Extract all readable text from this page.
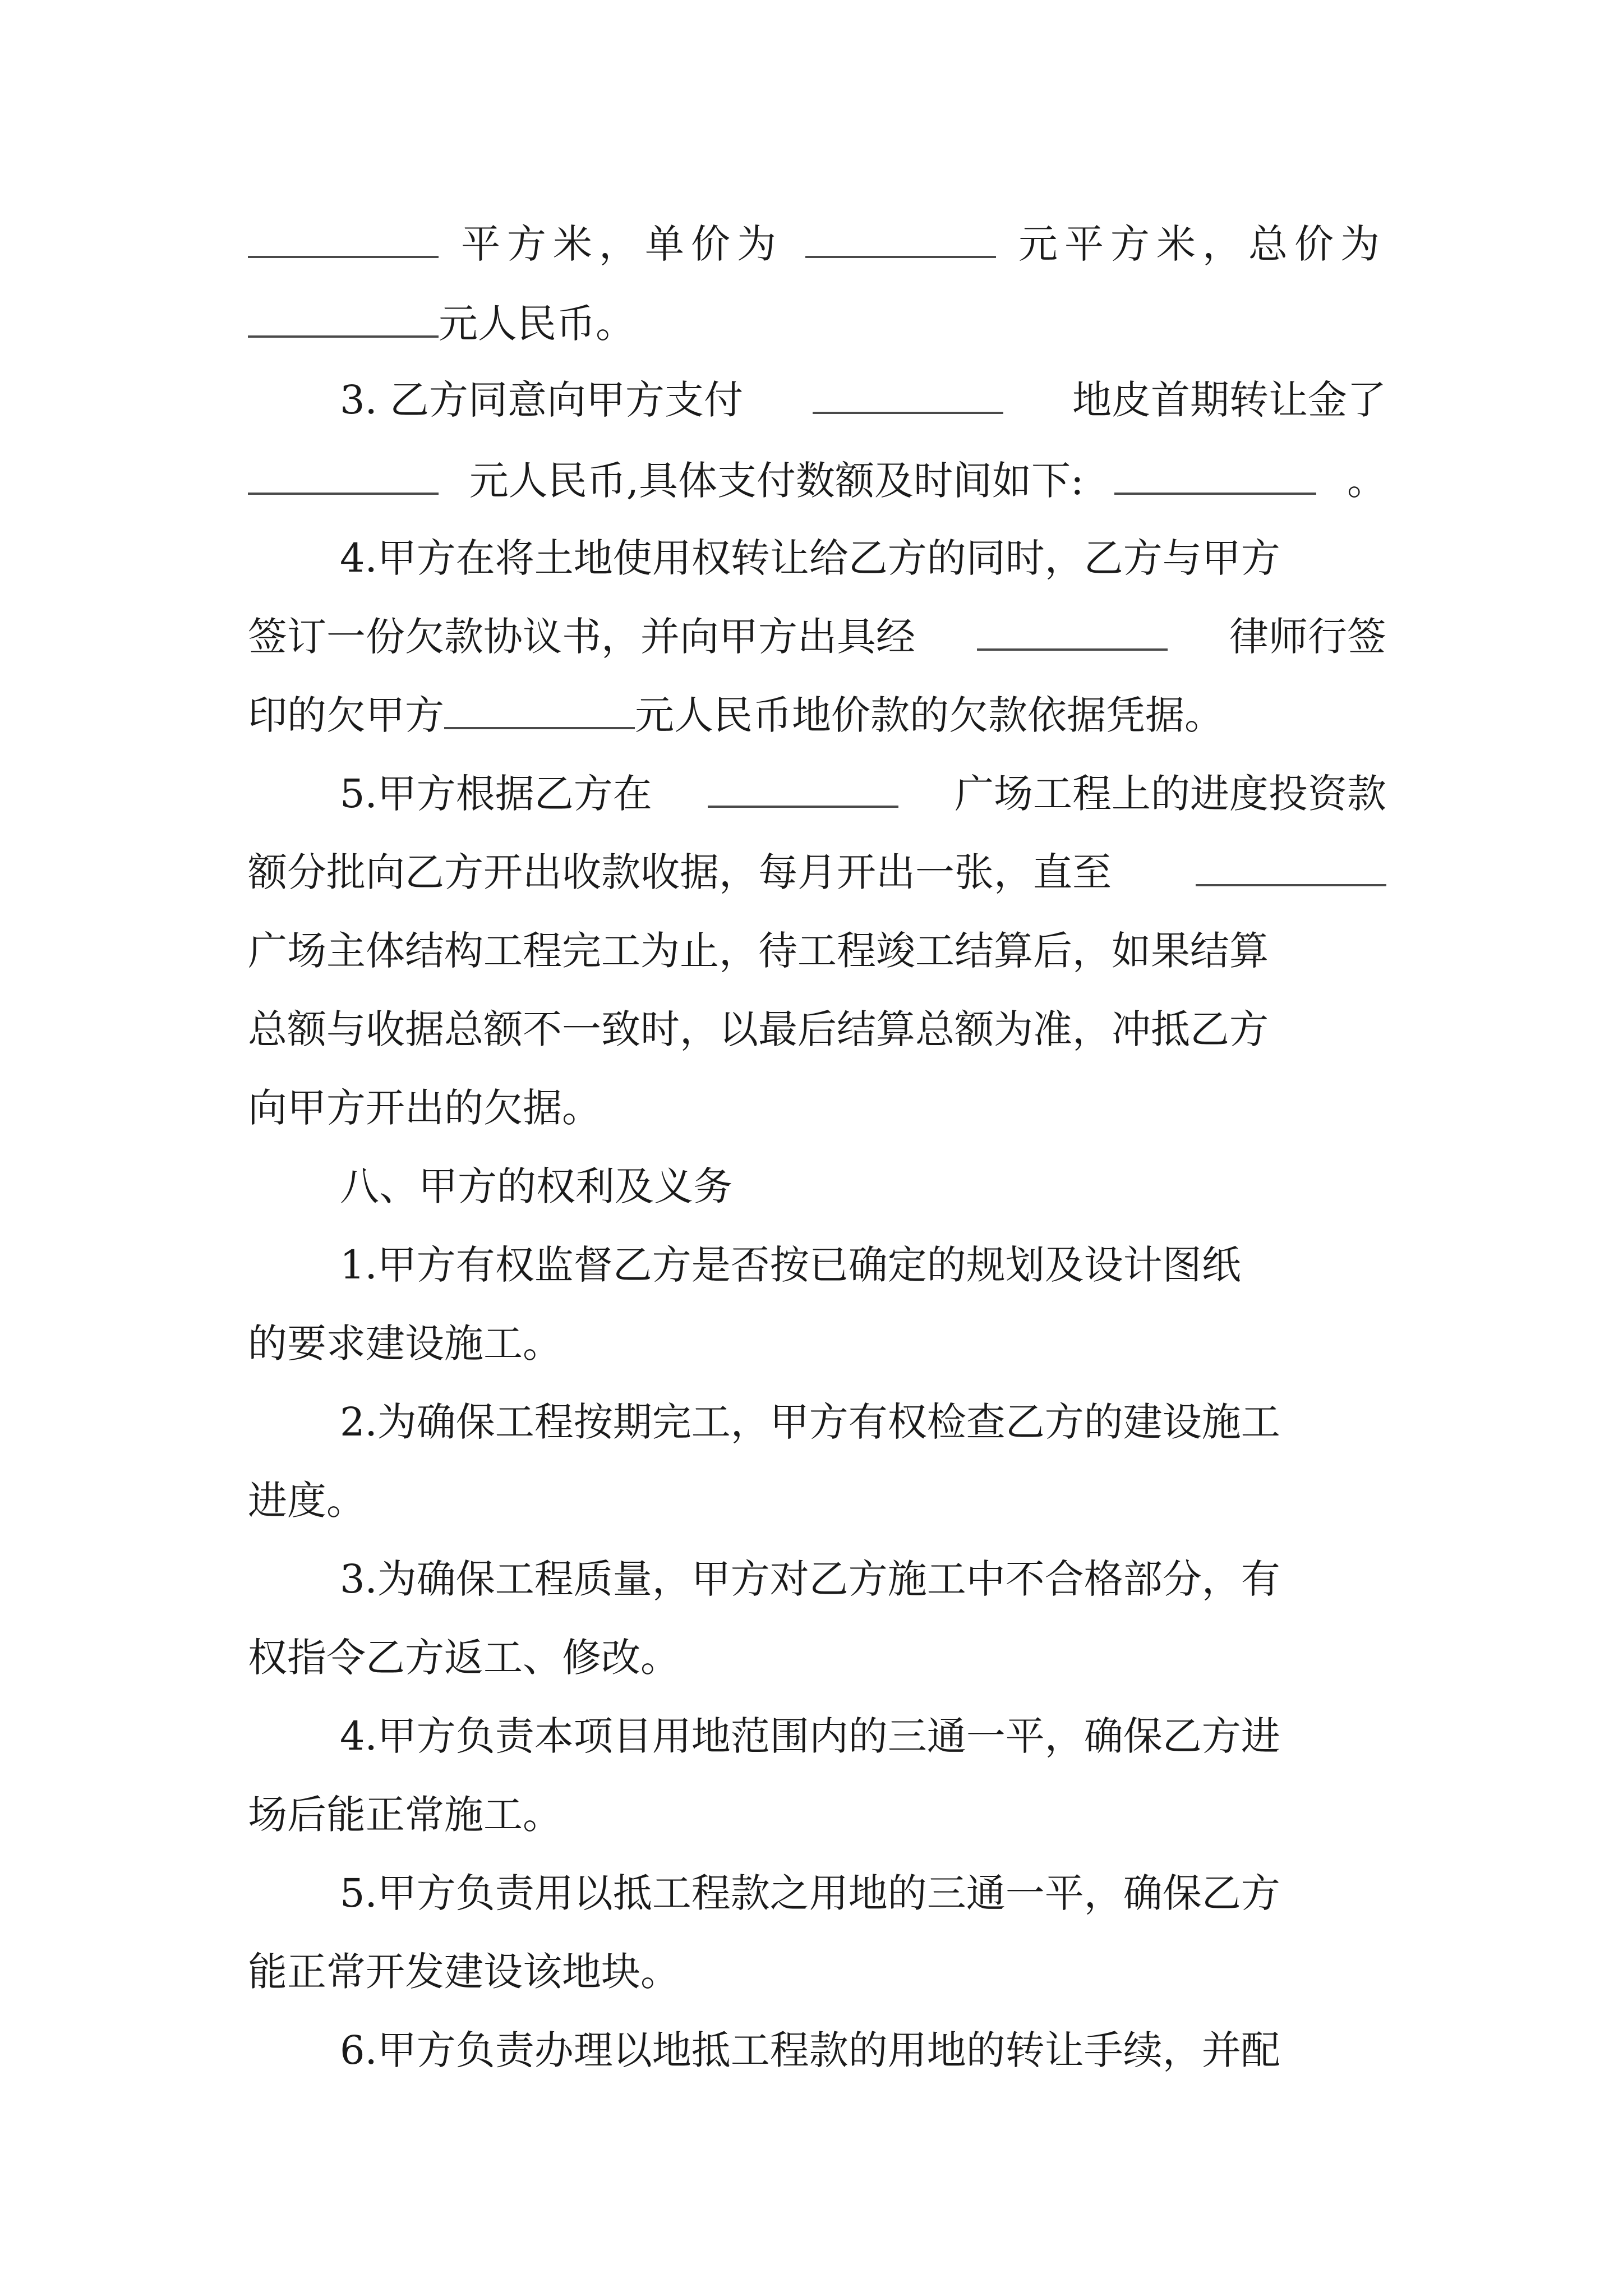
平方米，单价为	元平方米，总价为
元人民币。
3. 乙方同意向甲方支付	地皮首期转让金了
元人民币,具体支付数额及时间如下:	。
4.甲方在将土地使用权转让给乙方的同时，乙方与甲方
签订一份欠款协议书，并向甲方出具经	律师行签
印的欠甲方	元人民币地价款的欠款依据凭据。
5.甲方根据乙方在	广场工程上的进度投资款
额分批向乙方开出收款收据，每月开出一张，直至
广场主体结构工程完工为止，待工程竣工结算后，如果结算
总额与收据总额不一致时，以最后结算总额为准，冲抵乙方
向甲方开出的欠据。
八、甲方的权利及义务
1.甲方有权监督乙方是否按已确定的规划及设计图纸
的要求建设施工。
2.为确保工程按期完工，甲方有权检查乙方的建设施工
进度。
3.为确保工程质量，甲方对乙方施工中不合格部分，有
权指令乙方返工、修改。
4.甲方负责本项目用地范围内的三通一平，确保乙方进
场后能正常施工。
5.甲方负责用以抵工程款之用地的三通一平，确保乙方
能正常开发建设该地块。
6.甲方负责办理以地抵工程款的用地的转让手续，并配
